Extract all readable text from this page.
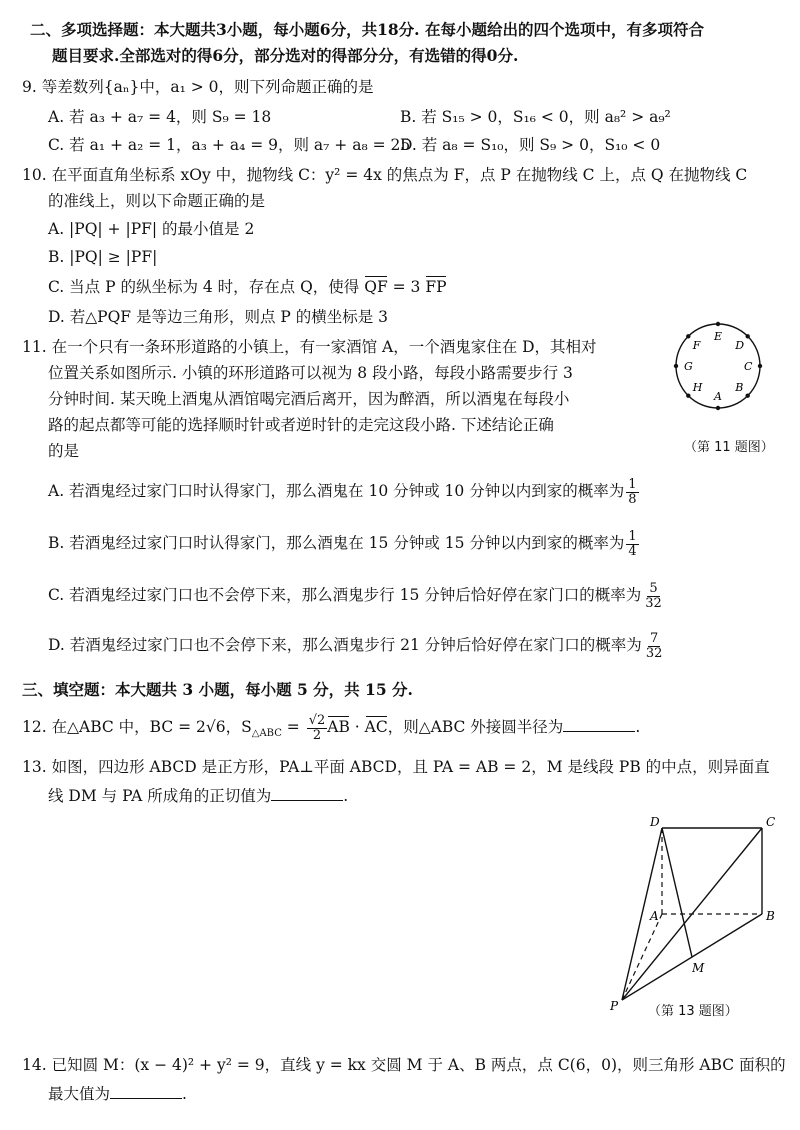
二、多项选择题：本大题共3小题，每小题6分，共18分. 在每小题给出的四个选项中，有多项符合
题目要求.全部选对的得6分，部分选对的得部分分，有选错的得0分.
9. 等差数列{aₙ}中，a₁ > 0，则下列命题正确的是
A. 若 a₃ + a₇ = 4，则 S₉ = 18	B. 若 S₁₅ > 0，S₁₆ < 0，则 a₈² > a₉²
C. 若 a₁ + a₂ = 1，a₃ + a₄ = 9，则 a₇ + a₈ = 25
D. 若 a₈ = S₁₀，则 S₉ > 0，S₁₀ < 0
10. 在平面直角坐标系 xOy 中，抛物线 C：y² = 4x 的焦点为 F，点 P 在抛物线 C 上，点 Q 在抛物线 C
的准线上，则以下命题正确的是
A. |PQ| + |PF| 的最小值是 2
B. |PQ| ≥ |PF|
C. 当点 P 的纵坐标为 4 时，存在点 Q，使得 QF = 3 FP
D. 若△PQF 是等边三角形，则点 P 的横坐标是 3
11. 在一个只有一条环形道路的小镇上，有一家酒馆 A，一个酒鬼家住在 D，其相对
位置关系如图所示. 小镇的环形道路可以视为 8 段小路，每段小路需要步行 3
分钟时间. 某天晚上酒鬼从酒馆喝完酒后离开，因为醉酒，所以酒鬼在每段小
路的起点都等可能的选择顺时针或者逆时针的走完这段小路. 下述结论正确
的是
A
B
C
D
E
F
G
H
（第 11 题图）
A. 若酒鬼经过家门口时认得家门，那么酒鬼在 10 分钟或 10 分钟以内到家的概率为 $\frac{1}{8}$
B. 若酒鬼经过家门口时认得家门，那么酒鬼在 15 分钟或 15 分钟以内到家的概率为 $\frac{1}{4}$
C. 若酒鬼经过家门口也不会停下来，那么酒鬼步行 15 分钟后恰好停在家门口的概率为 $\frac{5}{32}$
D. 若酒鬼经过家门口也不会停下来，那么酒鬼步行 21 分钟后恰好停在家门口的概率为 $\frac{7}{32}$
三、填空题：本大题共 3 小题，每小题 5 分，共 15 分.
12. 在△ABC 中，BC = 2√6，$S_{\triangle ABC} = \frac{√2}{2}$ AB · AC，则△ABC 外接圆半径为	.
13. 如图，四边形 ABCD 是正方形，PA⊥平面 ABCD，且 PA = AB = 2，M 是线段 PB 的中点，则异面直
线 DM 与 PA 所成角的正切值为	.
D	C
A	B
M
P （第 13 题图）
14. 已知圆 M：(x − 4)² + y² = 9，直线 y = kx 交圆 M 于 A、B 两点，点 C(6，0)，则三角形 ABC 面积的
最大值为	.
